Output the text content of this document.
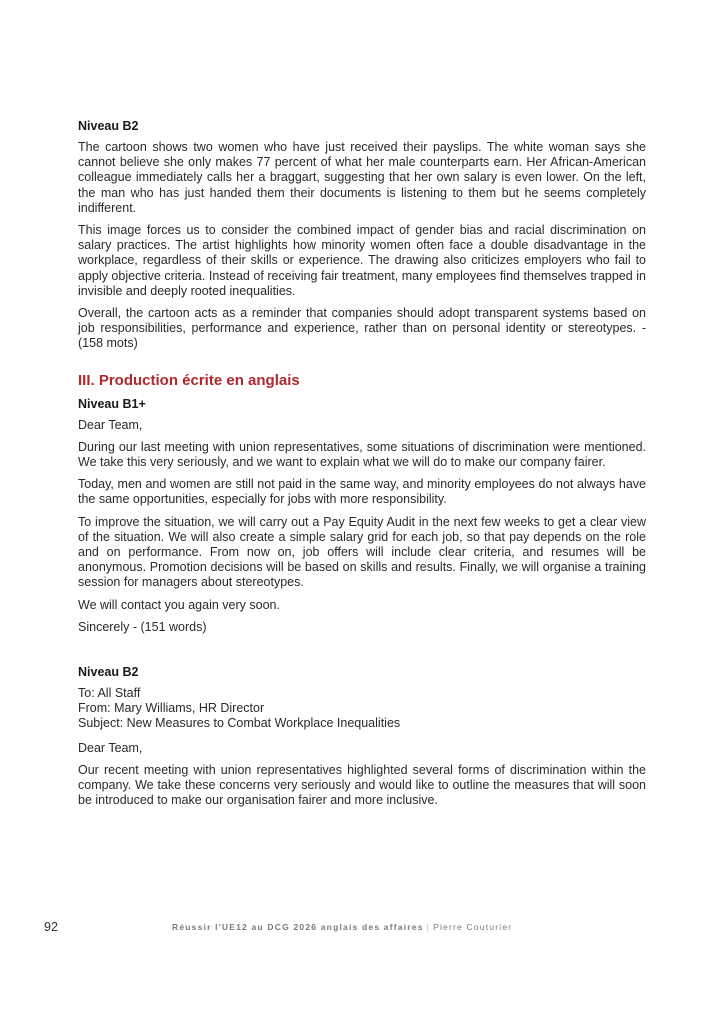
Niveau B2

The cartoon shows two women who have just received their payslips. The white woman says she cannot believe she only makes 77 percent of what her male counterparts earn. Her African-American colleague immediately calls her a braggart, suggesting that her own salary is even lower. On the left, the man who has just handed them their documents is listening to them but he seems completely indifferent.

This image forces us to consider the combined impact of gender bias and racial discrimination on salary practices. The artist highlights how minority women often face a double disadvantage in the workplace, regardless of their skills or experience. The drawing also criticizes employers who fail to apply objective criteria. Instead of receiving fair treatment, many employees find themselves trapped in invisible and deeply rooted inequalities.

Overall, the cartoon acts as a reminder that companies should adopt transparent systems based on job responsibilities, performance and experience, rather than on personal identity or stereotypes. - (158 mots)

III. Production écrite en anglais
Niveau B1+

Dear Team,

During our last meeting with union representatives, some situations of discrimination were mentioned. We take this very seriously, and we want to explain what we will do to make our company fairer.

Today, men and women are still not paid in the same way, and minority employees do not always have the same opportunities, especially for jobs with more responsibility.

To improve the situation, we will carry out a Pay Equity Audit in the next few weeks to get a clear view of the situation. We will also create a simple salary grid for each job, so that pay depends on the role and on performance. From now on, job offers will include clear criteria, and resumes will be anonymous. Promotion decisions will be based on skills and results. Finally, we will organise a training session for managers about stereotypes.

We will contact you again very soon.

Sincerely - (151 words)

Niveau B2
To: All Staff
From: Mary Williams, HR Director
Subject: New Measures to Combat Workplace Inequalities

Dear Team,

Our recent meeting with union representatives highlighted several forms of discrimination within the company. We take these concerns very seriously and would like to outline the measures that will soon be introduced to make our organisation fairer and more inclusive.

92	Réussir l'UE12 au DCG 2026 anglais des affaires | Pierre Couturier
